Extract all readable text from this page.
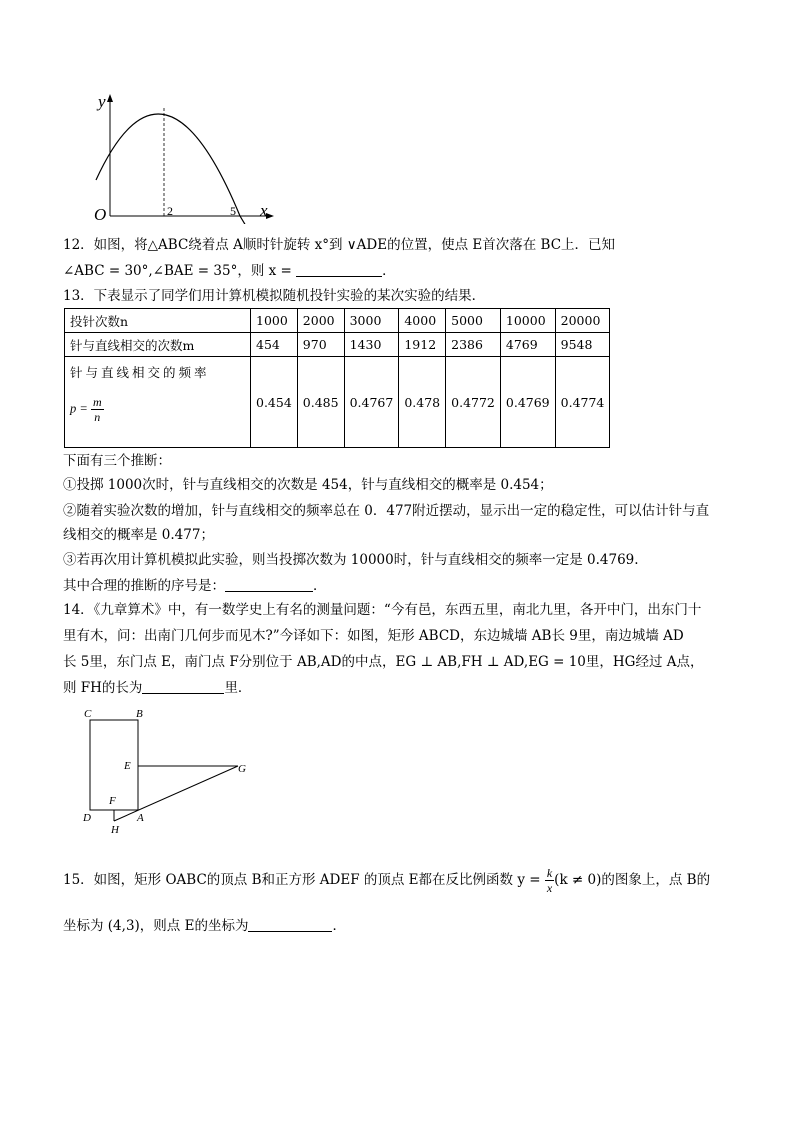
y
x
O	2	5
12．如图，将△ABC绕着点 A顺时针旋转 x°到 ∨ADE的位置，使点 E首次落在 BC上．已知
∠ABC = 30°,∠BAE = 35°，则 x =	．
13．下表显示了同学们用计算机模拟随机投针实验的某次实验的结果．
投针次数n	1000	2000	3000	4000	5000	10000	20000
针与直线相交的次数m	454	970	1430	1912	2386	4769	9548

针与直线相交的频率
$p = \frac{m}{n}$	0.454	0.485	0.4767	0.478	0.4772	0.4769	0.4774
下面有三个推断：
①投掷 1000次时，针与直线相交的次数是 454，针与直线相交的概率是 0.454；
②随着实验次数的增加，针与直线相交的频率总在 0．477附近摆动，显示出一定的稳定性，可以估计针与直
线相交的概率是 0.477；
③若再次用计算机模拟此实验，则当投掷次数为 10000时，针与直线相交的频率一定是 0.4769.
其中合理的推断的序号是：	．
14．《九章算术》中，有一数学史上有名的测量问题：“今有邑，东西五里，南北九里，各开中门，出东门十
里有木，问：出南门几何步而见木?”今译如下：如图，矩形 ABCD，东边城墙 AB长 9里，南边城墙 AD
长 5里，东门点 E，南门点 F分别位于 AB,AD的中点，EG ⊥ AB,FH ⊥ AD,EG = 10里，HG经过 A点，
则 FH的长为	里．
C	B
E	G
F
D	A
H
15．如图，矩形 OABC的顶点 B和正方形 ADEF 的顶点 E都在反比例函数 $y = \frac{k}{x} (k \ne 0)$的图象上，点 B的
坐标为 (4,3)，则点 E的坐标为	．
